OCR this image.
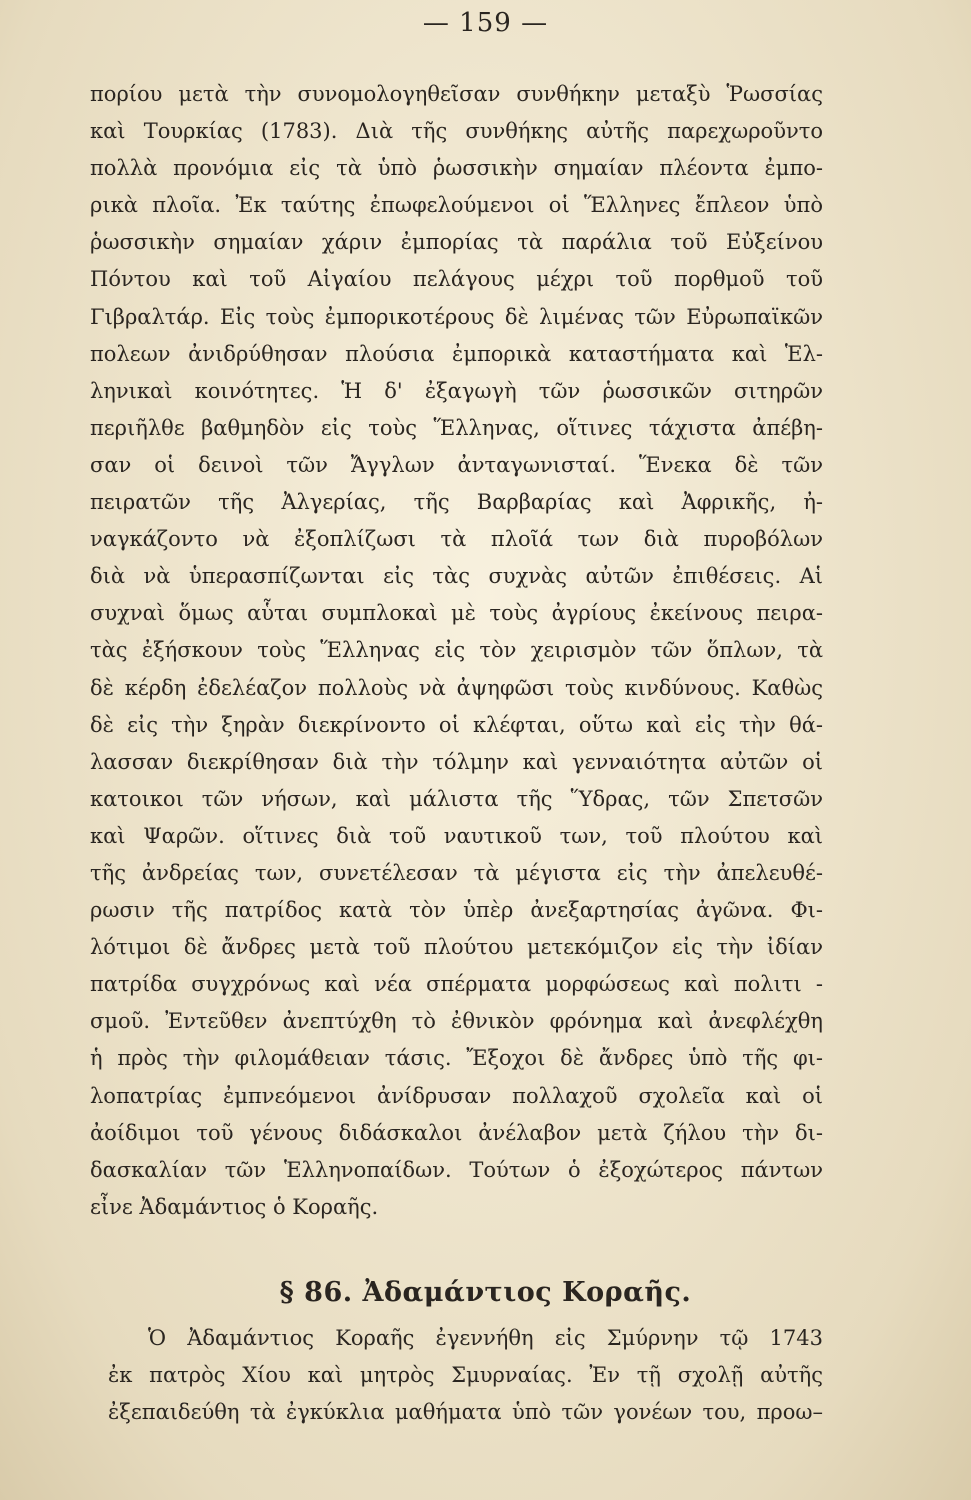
— 159 —
πορίου μετὰ τὴν συνομολογηθεῖσαν συνθήκην μεταξὺ Ῥωσσίας
καὶ Τουρκίας (1783). Διὰ τῆς συνθήκης αὐτῆς παρεχωροῦντο
πολλὰ προνόμια εἰς τὰ ὑπὸ ῥωσσικὴν σημαίαν πλέοντα ἐμπο-
ρικὰ πλοῖα. Ἐκ ταύτης ἐπωφελούμενοι οἱ Ἕλληνες ἔπλεον ὑπὸ
ῥωσσικὴν σημαίαν χάριν ἐμπορίας τὰ παράλια τοῦ Εὐξείνου
Πόντου καὶ τοῦ Αἰγαίου πελάγους μέχρι τοῦ πορθμοῦ τοῦ
Γιβραλτάρ. Εἰς τοὺς ἐμπορικοτέρους δὲ λιμένας τῶν Εὐρωπαϊκῶν
πολεων ἀνιδρύθησαν πλούσια ἐμπορικὰ καταστήματα καὶ Ἑλ-
ληνικαὶ κοινότητες. Ἡ δ' ἐξαγωγὴ τῶν ῥωσσικῶν σιτηρῶν
περιῆλθε βαθμηδὸν εἰς τοὺς Ἕλληνας, οἵτινες τάχιστα ἀπέβη-
σαν οἱ δεινοὶ τῶν Ἄγγλων ἀνταγωνισταί. Ἕνεκα δὲ τῶν
πειρατῶν τῆς Ἀλγερίας, τῆς Βαρβαρίας καὶ Ἀφρικῆς, ἠ-
ναγκάζοντο νὰ ἐξοπλίζωσι τὰ πλοῖά των διὰ πυροβόλων
διὰ νὰ ὑπερασπίζωνται εἰς τὰς συχνὰς αὐτῶν ἐπιθέσεις. Αἱ
συχναὶ ὅμως αὗται συμπλοκαὶ μὲ τοὺς ἀγρίους ἐκείνους πειρα-
τὰς ἐξήσκουν τοὺς Ἕλληνας εἰς τὸν χειρισμὸν τῶν ὅπλων, τὰ
δὲ κέρδη ἐδελέαζον πολλοὺς νὰ ἀψηφῶσι τοὺς κινδύνους. Καθὼς
δὲ εἰς τὴν ξηρὰν διεκρίνοντο οἱ κλέφται, οὕτω καὶ εἰς τὴν θά-
λασσαν διεκρίθησαν διὰ τὴν τόλμην καὶ γενναιότητα αὐτῶν οἱ
κατοικοι τῶν νήσων, καὶ μάλιστα τῆς Ὕδρας, τῶν Σπετσῶν
καὶ Ψαρῶν. οἵτινες διὰ τοῦ ναυτικοῦ των, τοῦ πλούτου καὶ
τῆς ἀνδρείας των, συνετέλεσαν τὰ μέγιστα εἰς τὴν ἀπελευθέ-
ρωσιν τῆς πατρίδος κατὰ τὸν ὑπὲρ ἀνεξαρτησίας ἀγῶνα. Φι-
λότιμοι δὲ ἄνδρες μετὰ τοῦ πλούτου μετεκόμιζον εἰς τὴν ἰδίαν
πατρίδα συγχρόνως καὶ νέα σπέρματα μορφώσεως καὶ πολιτι -
σμοῦ. Ἐντεῦθεν ἀνεπτύχθη τὸ ἐθνικὸν φρόνημα καὶ ἀνεφλέχθη
ἡ πρὸς τὴν φιλομάθειαν τάσις. Ἔξοχοι δὲ ἄνδρες ὑπὸ τῆς φι-
λοπατρίας ἐμπνεόμενοι ἀνίδρυσαν πολλαχοῦ σχολεῖα καὶ οἱ
ἀοίδιμοι τοῦ γένους διδάσκαλοι ἀνέλαβον μετὰ ζήλου τὴν δι-
δασκαλίαν τῶν Ἑλληνοπαίδων. Τούτων ὁ ἐξοχώτερος πάντων
εἶνε Ἀδαμάντιος ὁ Κοραῆς.
§ 86. Ἀδαμάντιος Κοραῆς.
Ὁ Ἀδαμάντιος Κοραῆς ἐγεννήθη εἰς Σμύρνην τῷ 1743
ἐκ πατρὸς Χίου καὶ μητρὸς Σμυρναίας. Ἐν τῇ σχολῇ αὐτῆς
ἐξεπαιδεύθη τὰ ἐγκύκλια μαθήματα ὑπὸ τῶν γονέων του, προω–
